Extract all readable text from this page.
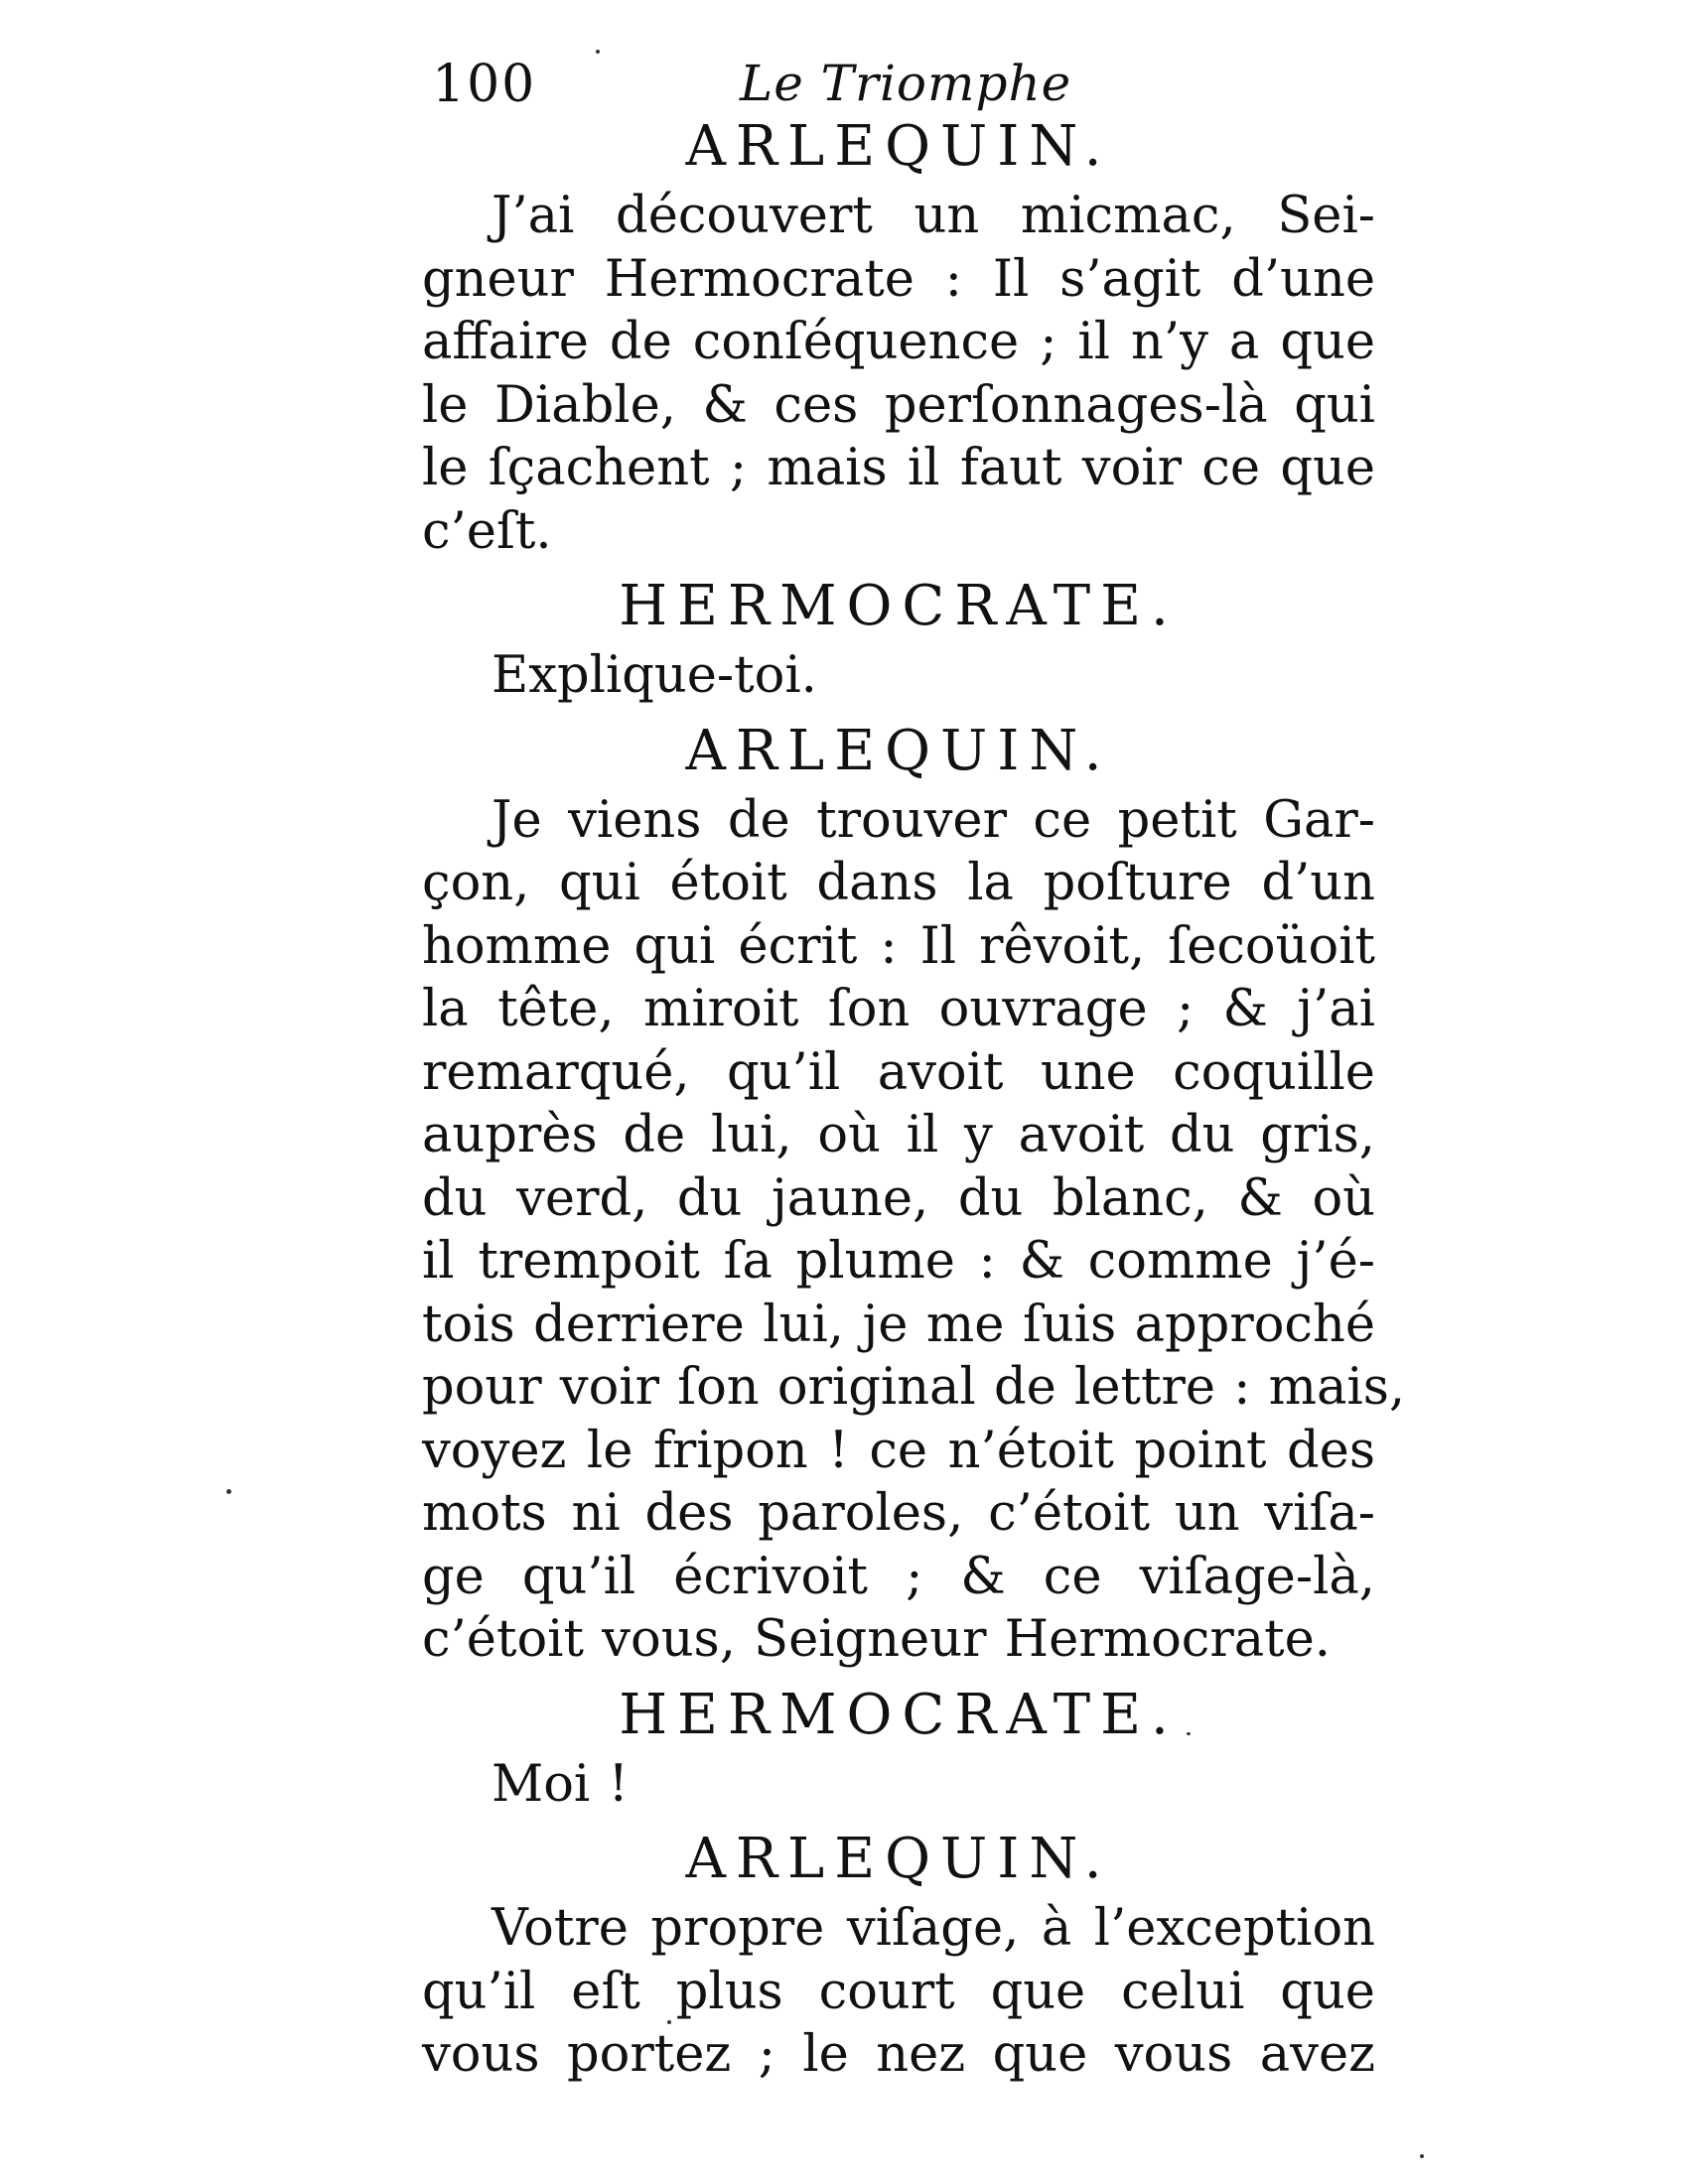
100	Le Triomphe
ARLEQUIN.
J’ai découvert un micmac, Sei-
gneur Hermocrate : Il s’agit d’une
affaire de conſéquence ; il n’y a que
le Diable, & ces perſonnages-là qui
le ſçachent ; mais il faut voir ce que
c’eſt.
HERMOCRATE.
Explique-toi.
ARLEQUIN.
Je viens de trouver ce petit Gar-
çon, qui étoit dans la poſture d’un
homme qui écrit : Il rêvoit, ſecoüoit
la tête, miroit ſon ouvrage ; & j’ai
remarqué, qu’il avoit une coquille
auprès de lui, où il y avoit du gris,
du verd, du jaune, du blanc, & où
il trempoit ſa plume : & comme j’é-
tois derriere lui, je me ſuis approché
pour voir ſon original de lettre : mais,
voyez le fripon ! ce n’étoit point des
mots ni des paroles, c’étoit un viſa-
ge qu’il écrivoit ; & ce viſage-là,
c’étoit vous, Seigneur Hermocrate.
HERMOCRATE.
Moi !
ARLEQUIN.
Votre propre viſage, à l’exception
qu’il eſt plus court que celui que
vous portez ; le nez que vous avez
